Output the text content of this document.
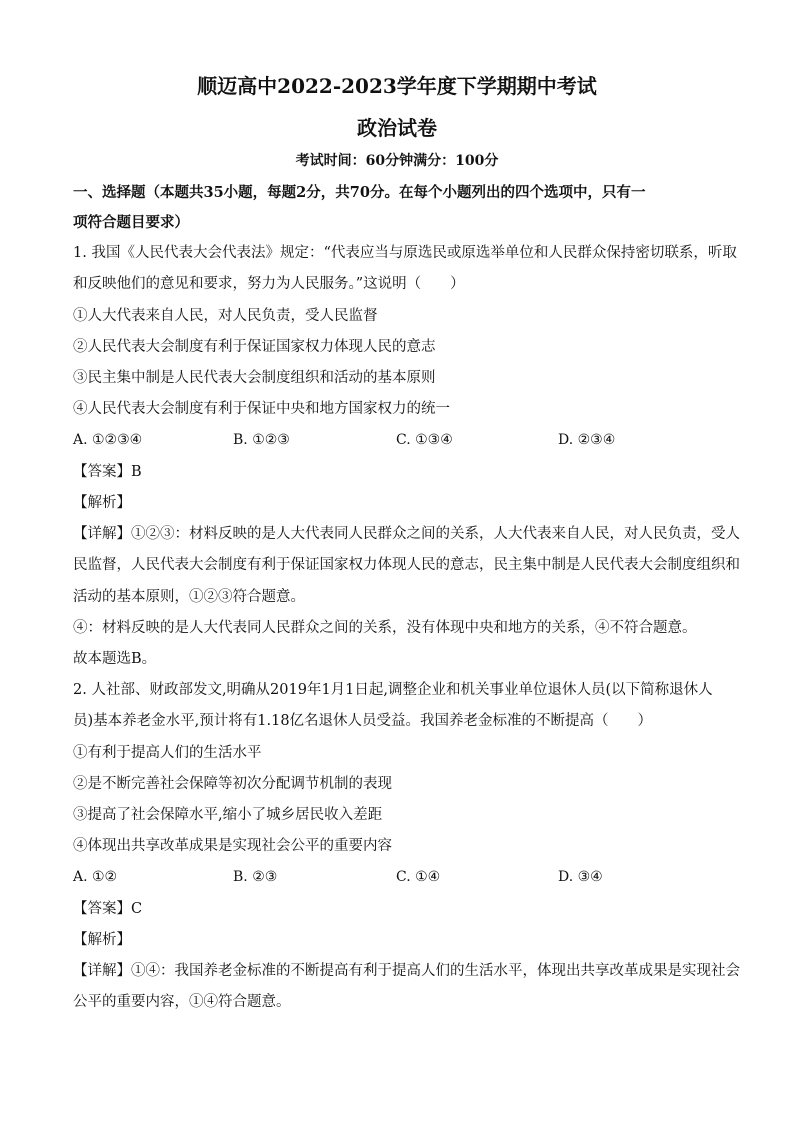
顺迈高中2022-2023学年度下学期期中考试
政治试卷
考试时间：60分钟满分：100分
一、选择题（本题共35小题，每题2分，共70分。在每个小题列出的四个选项中，只有一
项符合题目要求）
1. 我国《人民代表大会代表法》规定：“代表应当与原选民或原选举单位和人民群众保持密切联系，听取
和反映他们的意见和要求，努力为人民服务。”这说明（　　）
①人大代表来自人民，对人民负责，受人民监督
②人民代表大会制度有利于保证国家权力体现人民的意志
③民主集中制是人民代表大会制度组织和活动的基本原则
④人民代表大会制度有利于保证中央和地方国家权力的统一
A. ①②③④	B. ①②③	C. ①③④	D. ②③④
【答案】B
【解析】
【详解】①②③：材料反映的是人大代表同人民群众之间的关系，人大代表来自人民，对人民负责，受人
民监督，人民代表大会制度有利于保证国家权力体现人民的意志，民主集中制是人民代表大会制度组织和
活动的基本原则，①②③符合题意。
④：材料反映的是人大代表同人民群众之间的关系，没有体现中央和地方的关系，④不符合题意。
故本题选B。
2. 人社部、财政部发文,明确从2019年1月1日起,调整企业和机关事业单位退休人员(以下简称退休人
员)基本养老金水平,预计将有1.18亿名退休人员受益。我国养老金标准的不断提高（　　）
①有利于提高人们的生活水平
②是不断完善社会保障等初次分配调节机制的表现
③提高了社会保障水平,缩小了城乡居民收入差距
④体现出共享改革成果是实现社会公平的重要内容
A. ①②	B. ②③	C. ①④	D. ③④
【答案】C
【解析】
【详解】①④：我国养老金标准的不断提高有利于提高人们的生活水平，体现出共享改革成果是实现社会
公平的重要内容，①④符合题意。
